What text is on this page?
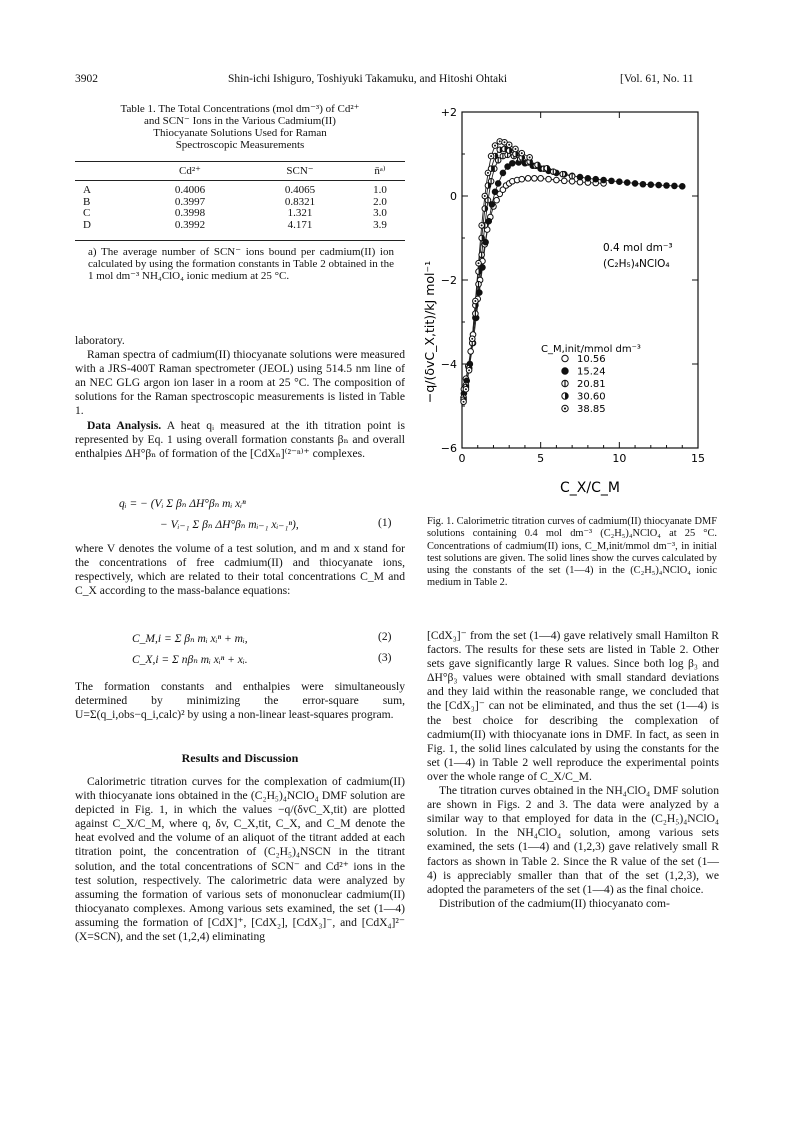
3902	Shin-ichi Ishiguro, Toshiyuki Takamuku, and Hitoshi Ohtaki	[Vol. 61, No. 11
Table 1. The Total Concentrations (mol dm⁻³) of Cd²⁺
and SCN⁻ Ions in the Various Cadmium(II)
Thiocyanate Solutions Used for Raman
Spectroscopic Measurements
	Cd²⁺	SCN⁻	n̄ᵃ⁾

A	0.4006	0.4065	1.0
B	0.3997	0.8321	2.0
C	0.3998	1.321	3.0
D	0.3992	4.171	3.9
a) The average number of SCN⁻ ions bound per cadmium(II) ion calculated by using the formation constants in Table 2 obtained in the 1 mol dm⁻³ NH₄ClO₄ ionic medium at 25 °C.

laboratory.

Raman spectra of cadmium(II) thiocyanate solutions were measured with a JRS-400T Raman spectrometer (JEOL) using 514.5 nm line of an NEC GLG argon ion laser in a room at 25 °C. The composition of solutions for the Raman spectroscopic measurements is listed in Table 1.

Data Analysis. A heat qᵢ measured at the ith titration point is represented by Eq. 1 using overall formation constants βₙ and overall enthalpies ΔH°βₙ of formation of the [CdXₙ]⁽²⁻ⁿ⁾⁺ complexes.

qᵢ = − (Vᵢ Σ βₙ ΔH°βₙ mᵢ xᵢⁿ
− Vᵢ₋₁ Σ βₙ ΔH°βₙ mᵢ₋₁ xᵢ₋₁ⁿ),	(1)

where V denotes the volume of a test solution, and m and x stand for the concentrations of free cadmium(II) and thiocyanate ions, respectively, which are related to their total concentrations C_M and C_X according to the mass-balance equations:

C_M,i = Σ βₙ mᵢ xᵢⁿ + mᵢ,	(2)
C_X,i = Σ nβₙ mᵢ xᵢⁿ + xᵢ.	(3)

The formation constants and enthalpies were simultaneously determined by minimizing the error-square sum, U=Σ(q_i,obs−q_i,calc)² by using a non-linear least-squares program.

Results and Discussion

Calorimetric titration curves for the complexation of cadmium(II) with thiocyanate ions obtained in the (C₂H₅)₄NClO₄ DMF solution are depicted in Fig. 1, in which the values −q/(δvC_X,tit) are plotted against C_X/C_M, where q, δv, C_X,tit, C_X, and C_M denote the heat evolved and the volume of an aliquot of the titrant added at each titration point, the concentration of (C₂H₅)₄NSCN in the titrant solution, and the total concentrations of SCN⁻ and Cd²⁺ ions in the test solution, respectively. The calorimetric data were analyzed by assuming the formation of various sets of mononuclear cadmium(II) thiocyanato complexes. Among various sets examined, the set (1—4) assuming the formation of [CdX]⁺, [CdX₂], [CdX₃]⁻, and [CdX₄]²⁻ (X=SCN), and the set (1,2,4) eliminating

0	5	10	15
+2
0
−2
−4
−6
−q/(δvC_X,tit)/kJ mol⁻¹
C_X/C_M
0.4 mol dm⁻³
(C₂H₅)₄NClO₄
C_M,init/mmol dm⁻³
10.56
15.24
20.81
30.60
38.85
Fig. 1. Calorimetric titration curves of cadmium(II) thiocyanate DMF solutions containing 0.4 mol dm⁻³ (C₂H₅)₄NClO₄ at 25 °C. Concentrations of cadmium(II) ions, C_M,init/mmol dm⁻³, in initial test solutions are given. The solid lines show the curves calculated by using the constants of the set (1—4) in the (C₂H₅)₄NClO₄ ionic medium in Table 2.

[CdX₃]⁻ from the set (1—4) gave relatively small Hamilton R factors. The results for these sets are listed in Table 2. Other sets gave significantly large R values. Since both log β₃ and ΔH°β₃ values were obtained with small standard deviations and they laid within the reasonable range, we concluded that the [CdX₃]⁻ can not be eliminated, and thus the set (1—4) is the best choice for describing the complexation of cadmium(II) with thiocyanate ions in DMF. In fact, as seen in Fig. 1, the solid lines calculated by using the constants for the set (1—4) in Table 2 well reproduce the experimental points over the whole range of C_X/C_M.

The titration curves obtained in the NH₄ClO₄ DMF solution are shown in Figs. 2 and 3. The data were analyzed by a similar way to that employed for data in the (C₂H₅)₄NClO₄ solution. In the NH₄ClO₄ solution, among various sets examined, the sets (1—4) and (1,2,3) gave relatively small R factors as shown in Table 2. Since the R value of the set (1—4) is appreciably smaller than that of the set (1,2,3), we adopted the parameters of the set (1—4) as the final choice.

Distribution of the cadmium(II) thiocyanato com-
